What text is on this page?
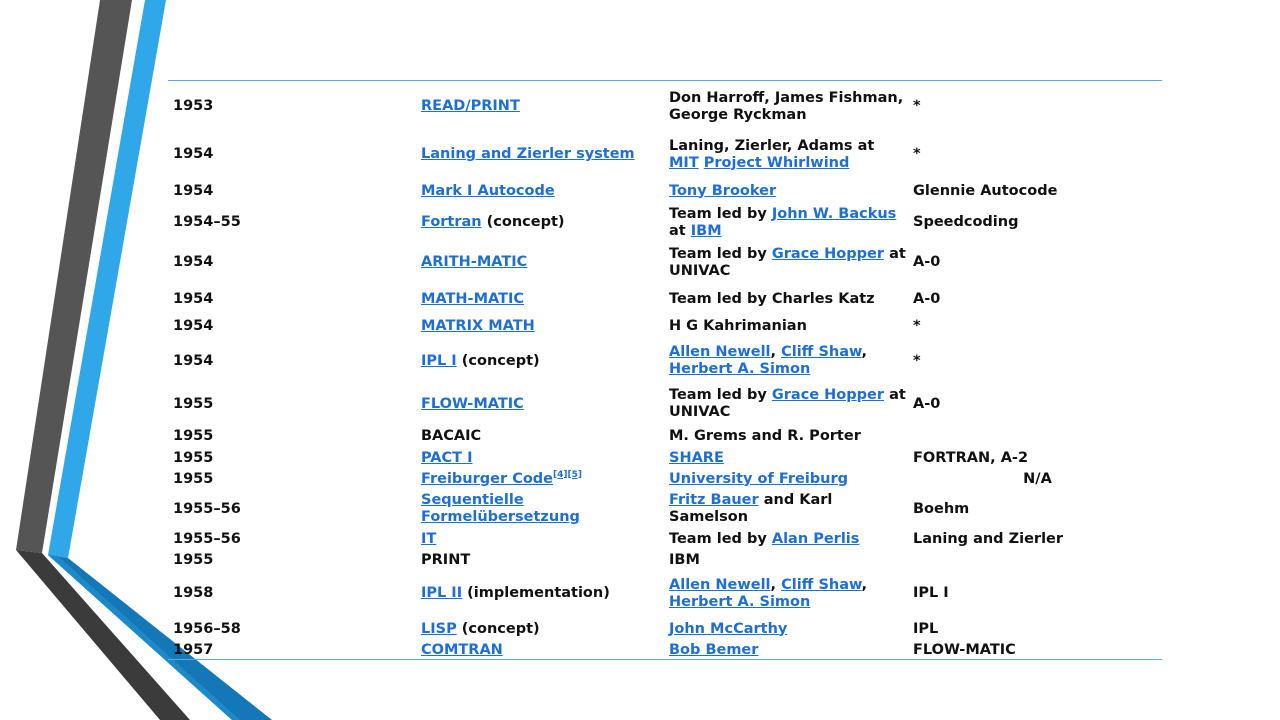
1953	READ/PRINT	Don Harroff, James Fishman, George Ryckman	*
1954	Laning and Zierler system	Laning, Zierler, Adams at MIT Project Whirlwind	*
1954	Mark I Autocode	Tony Brooker	Glennie Autocode
1954–55	Fortran (concept)	Team led by John W. Backus at IBM	Speedcoding
1954	ARITH-MATIC	Team led by Grace Hopper at UNIVAC	A-0
1954	MATH-MATIC	Team led by Charles Katz	A-0
1954	MATRIX MATH	H G Kahrimanian	*
1954	IPL I (concept)	Allen Newell, Cliff Shaw, Herbert A. Simon	*
1955	FLOW-MATIC	Team led by Grace Hopper at UNIVAC	A-0
1955	BACAIC	M. Grems and R. Porter	
1955	PACT I	SHARE	FORTRAN, A-2
1955	Freiburger Code[4][5]	University of Freiburg	N/A
1955–56	Sequentielle Formelübersetzung	Fritz Bauer and Karl Samelson	Boehm
1955–56	IT	Team led by Alan Perlis	Laning and Zierler
1955	PRINT	IBM	
1958	IPL II (implementation)	Allen Newell, Cliff Shaw, Herbert A. Simon	IPL I
1956–58	LISP (concept)	John McCarthy	IPL
1957	COMTRAN	Bob Bemer	FLOW-MATIC
